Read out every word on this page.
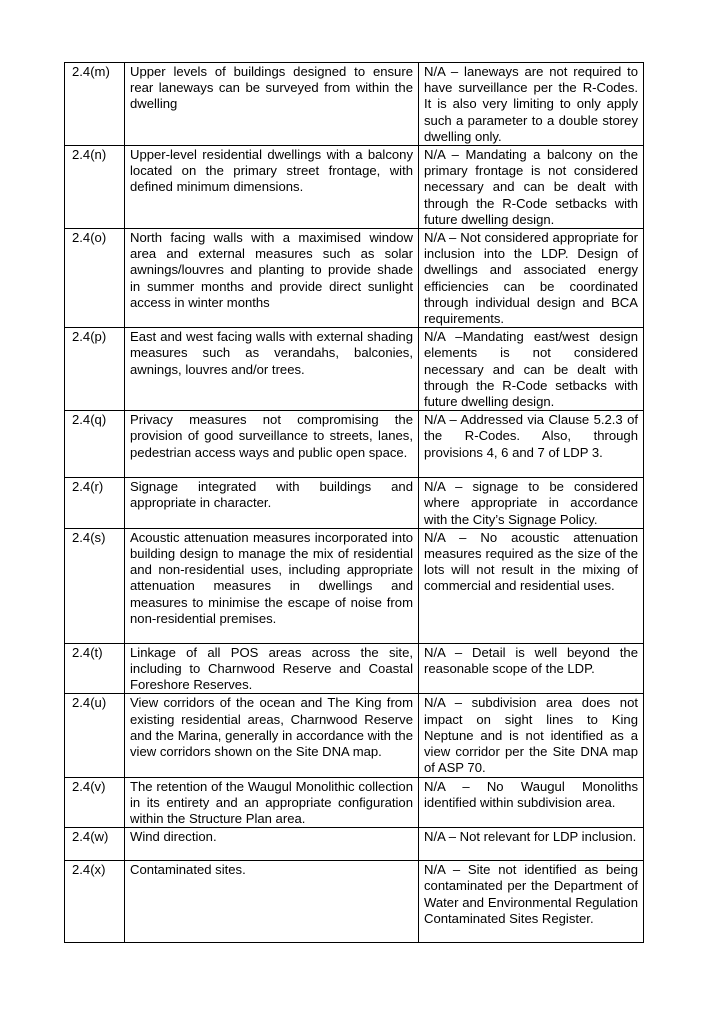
2.4(m)	Upper levels of buildings designed to ensure rear laneways can be surveyed from within the dwelling	N/A – laneways are not required to have surveillance per the R-Codes. It is also very limiting to only apply such a parameter to a double storey dwelling only.
2.4(n)	Upper-level residential dwellings with a balcony located on the primary street frontage, with defined minimum dimensions.	N/A – Mandating a balcony on the primary frontage is not considered necessary and can be dealt with through the R-Code setbacks with future dwelling design.
2.4(o)	North facing walls with a maximised window area and external measures such as solar awnings/louvres and planting to provide shade in summer months and provide direct sunlight access in winter months	N/A – Not considered appropriate for inclusion into the LDP. Design of dwellings and associated energy efficiencies can be coordinated through individual design and BCA requirements.
2.4(p)	East and west facing walls with external shading measures such as verandahs, balconies, awnings, louvres and/or trees.	N/A –Mandating east/west design elements is not considered necessary and can be dealt with through the R-Code setbacks with future dwelling design.
2.4(q)	Privacy measures not compromising the provision of good surveillance to streets, lanes, pedestrian access ways and public open space.	N/A – Addressed via Clause 5.2.3 of the R-Codes. Also, through provisions 4, 6 and 7 of LDP 3.
2.4(r)	Signage integrated with buildings and appropriate in character.	N/A – signage to be considered where appropriate in accordance with the City’s Signage Policy.
2.4(s)	Acoustic attenuation measures incorporated into building design to manage the mix of residential and non-residential uses, including appropriate attenuation measures in dwellings and measures to minimise the escape of noise from non-residential premises.	N/A – No acoustic attenuation measures required as the size of the lots will not result in the mixing of commercial and residential uses.
2.4(t)	Linkage of all POS areas across the site, including to Charnwood Reserve and Coastal Foreshore Reserves.	N/A – Detail is well beyond the reasonable scope of the LDP.
2.4(u)	View corridors of the ocean and The King from existing residential areas, Charnwood Reserve and the Marina, generally in accordance with the view corridors shown on the Site DNA map.	N/A – subdivision area does not impact on sight lines to King Neptune and is not identified as a view corridor per the Site DNA map of ASP 70.
2.4(v)	The retention of the Waugul Monolithic collection in its entirety and an appropriate configuration within the Structure Plan area.	N/A – No Waugul Monoliths identified within subdivision area.
2.4(w)	Wind direction.	N/A – Not relevant for LDP inclusion.
2.4(x)	Contaminated sites.	N/A – Site not identified as being contaminated per the Department of Water and Environmental Regulation Contaminated Sites Register.
